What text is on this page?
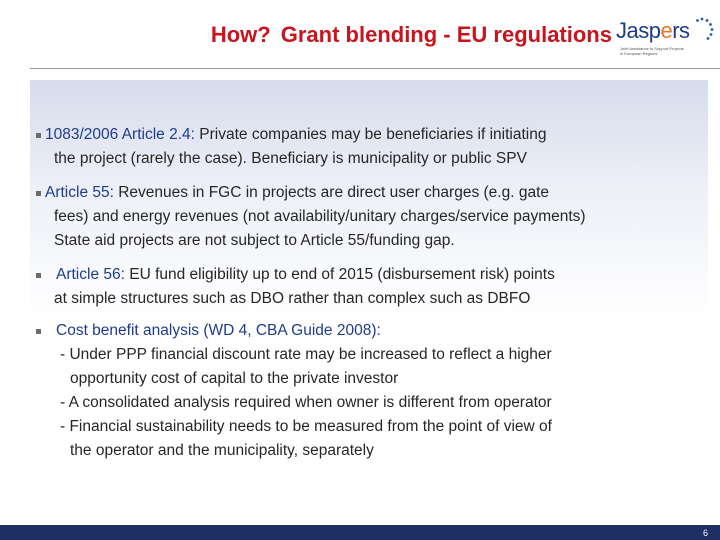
How? Grant blending - EU regulations Jaspers
Joint Assistance to Support Projects
in European Regions
1083/2006 Article 2.4: Private companies may be beneficiaries if initiating
the project (rarely the case). Beneficiary is municipality or public SPV
Article 55: Revenues in FGC in projects are direct user charges (e.g. gate
fees) and energy revenues (not availability/unitary charges/service payments)
State aid projects are not subject to Article 55/funding gap.
Article 56: EU fund eligibility up to end of 2015 (disbursement risk) points
at simple structures such as DBO rather than complex such as DBFO
Cost benefit analysis (WD 4, CBA Guide 2008):
- Under PPP financial discount rate may be increased to reflect a higher
opportunity cost of capital to the private investor
- A consolidated analysis required when owner is different from operator
- Financial sustainability needs to be measured from the point of view of
the operator and the municipality, separately
6
